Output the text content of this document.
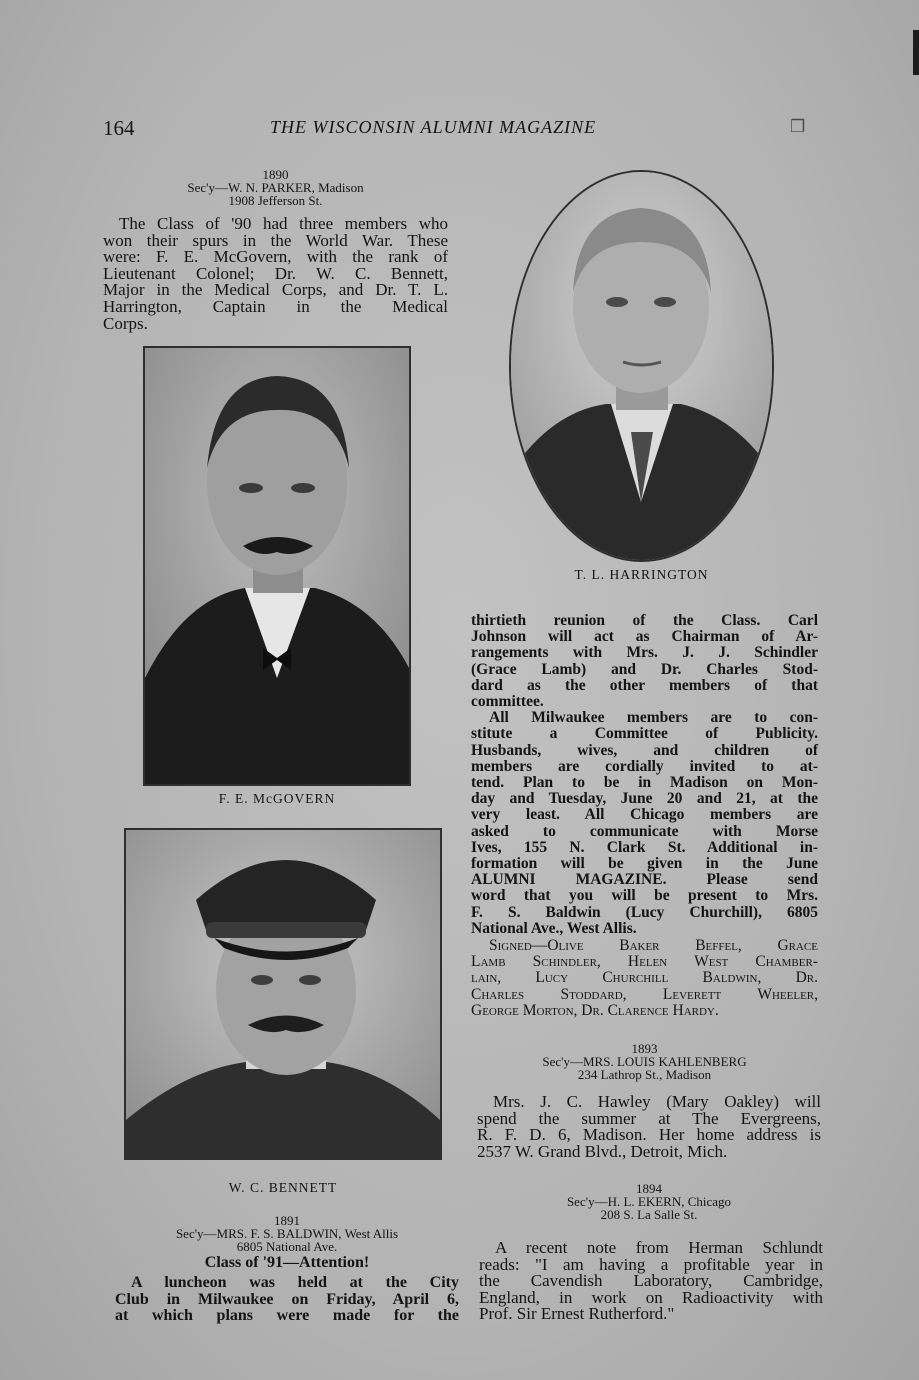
164	THE WISCONSIN ALUMNI MAGAZINE	❒
1890
Sec'y—W. N. PARKER, Madison
1908 Jefferson St.
The Class of '90 had three members who
won their spurs in the World War. These
were: F. E. McGovern, with the rank of
Lieutenant Colonel; Dr. W. C. Bennett,
Major in the Medical Corps, and Dr. T. L.
Harrington, Captain in the Medical
Corps.
F. E. McGOVERN
T. L. HARRINGTON
W. C. BENNETT
1891
Sec'y—MRS. F. S. BALDWIN, West Allis
6805 National Ave.
Class of '91—Attention!
A luncheon was held at the City
Club in Milwaukee on Friday, April 6,
at which plans were made for the
thirtieth reunion of the Class. Carl
Johnson will act as Chairman of Ar-
rangements with Mrs. J. J. Schindler
(Grace Lamb) and Dr. Charles Stod-
dard as the other members of that
committee.
All Milwaukee members are to con-
stitute a Committee of Publicity.
Husbands, wives, and children of
members are cordially invited to at-
tend. Plan to be in Madison on Mon-
day and Tuesday, June 20 and 21, at the
very least. All Chicago members are
asked to communicate with Morse
Ives, 155 N. Clark St. Additional in-
formation will be given in the June
ALUMNI MAGAZINE. Please send
word that you will be present to Mrs.
F. S. Baldwin (Lucy Churchill), 6805
National Ave., West Allis.
Signed—Olive Baker Beffel, Grace
Lamb Schindler, Helen West Chamber-
lain, Lucy Churchill Baldwin, Dr.
Charles Stoddard, Leverett Wheeler,
George Morton, Dr. Clarence Hardy.
1893
Sec'y—MRS. LOUIS KAHLENBERG
234 Lathrop St., Madison
Mrs. J. C. Hawley (Mary Oakley) will
spend the summer at The Evergreens,
R. F. D. 6, Madison. Her home address is
2537 W. Grand Blvd., Detroit, Mich.
1894
Sec'y—H. L. EKERN, Chicago
208 S. La Salle St.
A recent note from Herman Schlundt
reads: "I am having a profitable year in
the Cavendish Laboratory, Cambridge,
England, in work on Radioactivity with
Prof. Sir Ernest Rutherford."
